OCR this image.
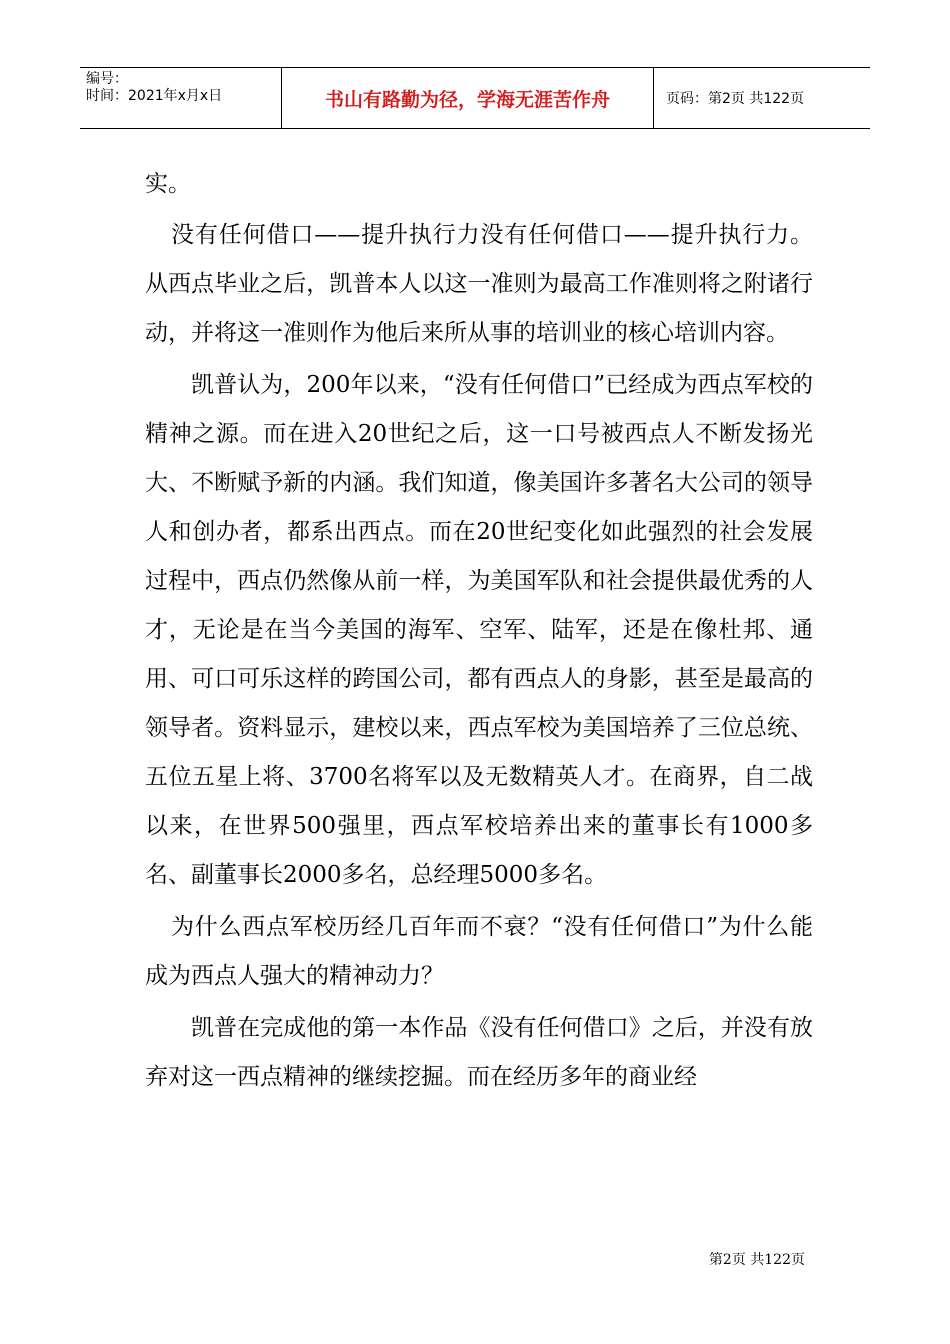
编号：
时间：2021年x月x日	书山有路勤为径，学海无涯苦作舟	页码：第2页 共122页

实。

没有任何借口——提升执行力没有任何借口——提升执行力。从西点毕业之后，凯普本人以这一准则为最高工作准则将之附诸行动，并将这一准则作为他后来所从事的培训业的核心培训内容。

凯普认为，200年以来，“没有任何借口”已经成为西点军校的精神之源。而在进入20世纪之后，这一口号被西点人不断发扬光大、不断赋予新的内涵。我们知道，像美国许多著名大公司的领导人和创办者，都系出西点。而在20世纪变化如此强烈的社会发展过程中，西点仍然像从前一样，为美国军队和社会提供最优秀的人才，无论是在当今美国的海军、空军、陆军，还是在像杜邦、通用、可口可乐这样的跨国公司，都有西点人的身影，甚至是最高的领导者。资料显示，建校以来，西点军校为美国培养了三位总统、五位五星上将、3700名将军以及无数精英人才。在商界，自二战以来，在世界500强里，西点军校培养出来的董事长有1000多名、副董事长2000多名，总经理5000多名。

为什么西点军校历经几百年而不衰？“没有任何借口”为什么能成为西点人强大的精神动力？

凯普在完成他的第一本作品《没有任何借口》之后，并没有放弃对这一西点精神的继续挖掘。而在经历多年的商业经

第2页 共122页
